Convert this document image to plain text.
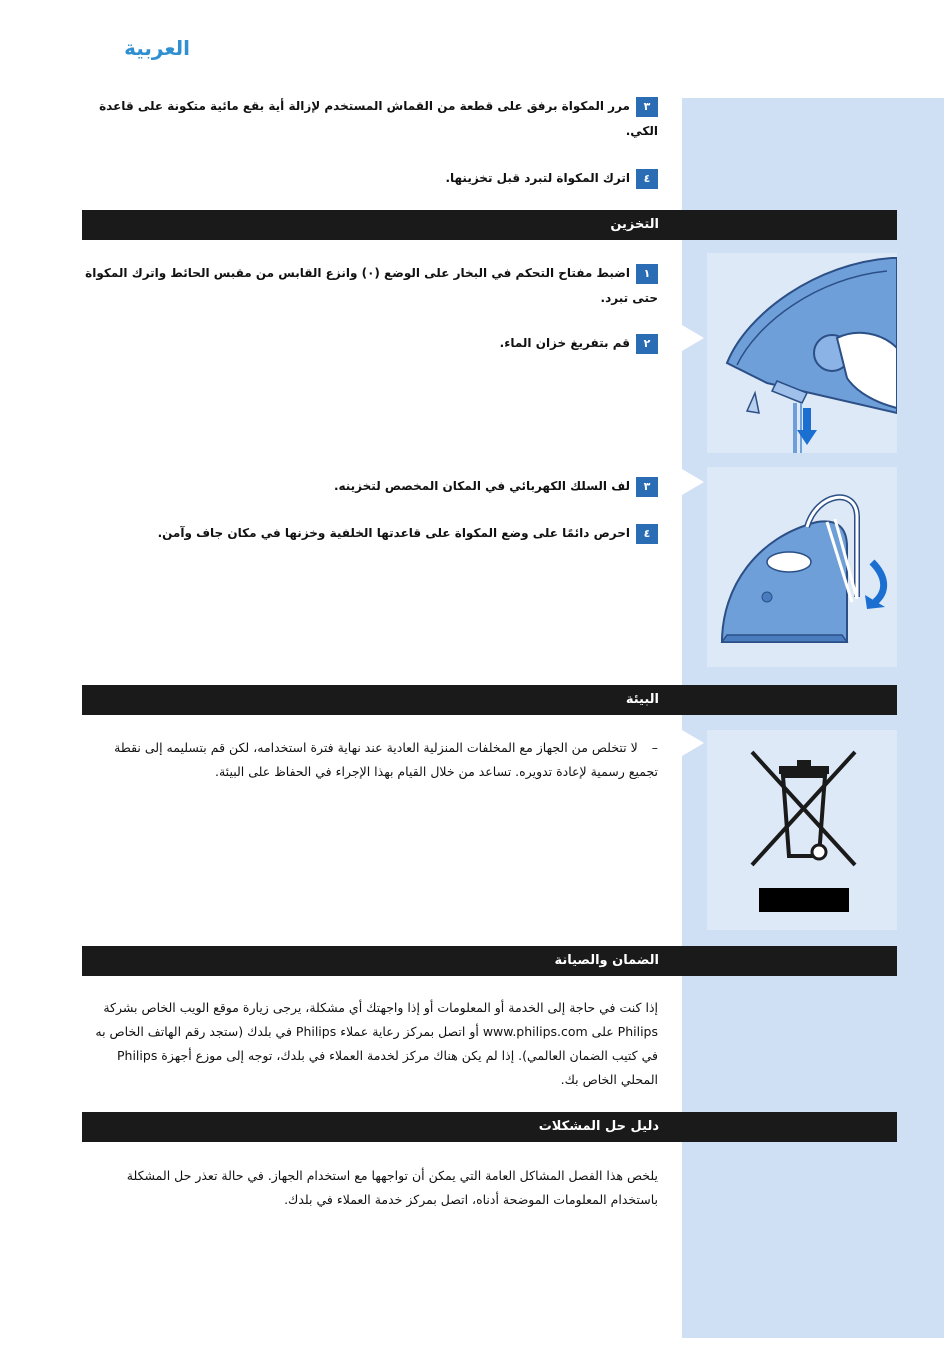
العربية
٣مرر المكواة برفق على قطعة من القماش المستخدم لإزالة أية بقع مائية متكونة على قاعدة الكي.
٤اترك المكواة لتبرد قبل تخزينها.
التخزين
١اضبط مفتاح التحكم في البخار على الوضع (٠) وانزع القابس من مقبس الحائط واترك المكواة حتى تبرد.
٢قم بتفريغ خزان الماء.
٣لف السلك الكهربائي في المكان المخصص لتخزينه.
٤احرص دائمًا على وضع المكواة على قاعدتها الخلفية وخزنها في مكان جاف وآمن.
البيئة
–لا تتخلص من الجهاز مع المخلفات المنزلية العادية عند نهاية فترة استخدامه، لكن قم بتسليمه إلى نقطة تجميع رسمية لإعادة تدويره. تساعد من خلال القيام بهذا الإجراء في الحفاظ على البيئة.
الضمان والصيانة
إذا كنت في حاجة إلى الخدمة أو المعلومات أو إذا واجهتك أي مشكلة، يرجى زيارة موقع الويب الخاص بشركة Philips على www.philips.com أو اتصل بمركز رعاية عملاء Philips في بلدك (ستجد رقم الهاتف الخاص به في كتيب الضمان العالمي). إذا لم يكن هناك مركز لخدمة العملاء في بلدك، توجه إلى موزع أجهزة Philips المحلي الخاص بك.
دليل حل المشكلات
يلخص هذا الفصل المشاكل العامة التي يمكن أن تواجهها مع استخدام الجهاز. في حالة تعذر حل المشكلة باستخدام المعلومات الموضحة أدناه، اتصل بمركز خدمة العملاء في بلدك.
